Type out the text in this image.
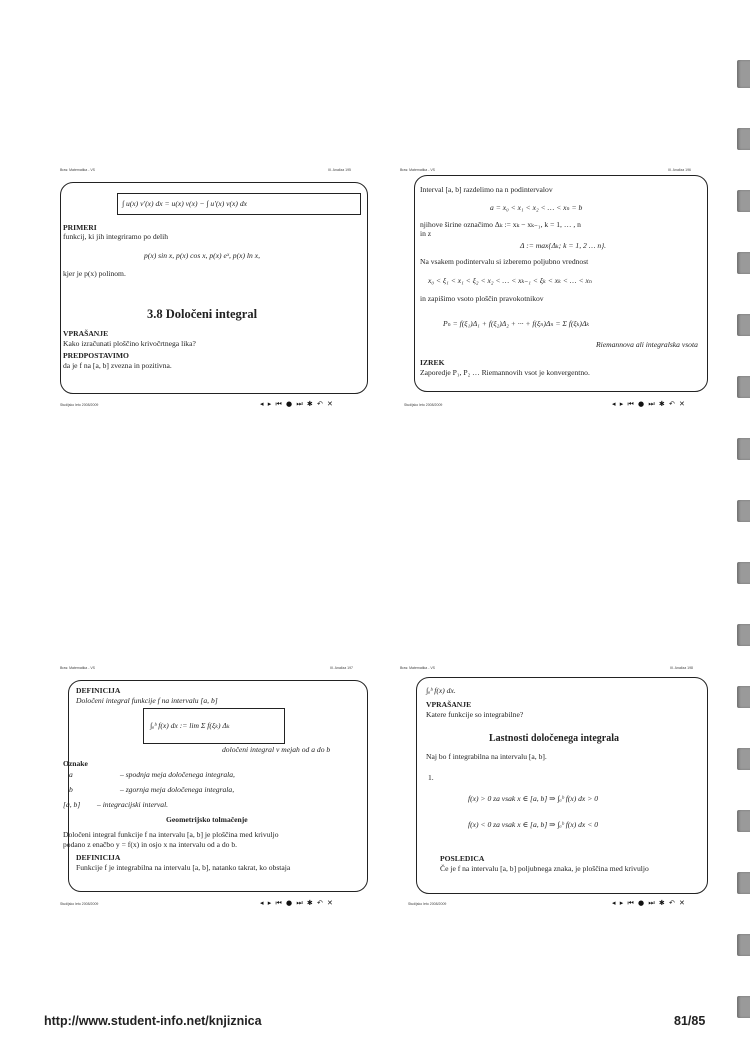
Bras: Matematika - VS	III. Analiza 195
∫ u(x) v′(x) dx = u(x) v(x) − ∫ u′(x) v(x) dx
PRIMERI
funkcij, ki jih integriramo po delih
p(x) sin x, p(x) cos x, p(x) eˣ, p(x) ln x,
kjer je p(x) polinom.
3.8 Določeni integral
VPRAŠANJE
Kako izračunati ploščino krivočrtnega lika?
PREDPOSTAVIMO
da je f na [a, b] zvezna in pozitivna.
Studijsko leto 2008/2009	◂ ▸ ⏮ ● ⏭ ✱ ↶ ✕
Bras: Matematika - VS	III. Analiza 196
Interval [a, b] razdelimo na n podintervalov
a = x₀ < x₁ < x₂ < … < xₙ = b
njihove širine označimo Δₖ := xₖ − xₖ₋₁, k = 1, … , n
in z
Δ := max{Δₖ; k = 1, 2 … n}.
Na vsakem podintervalu si izberemo poljubno vrednost
x₀ < ξ₁ < x₁ < ξ₂ < x₂ < … < xₖ₋₁ < ξₖ < xₖ < … < xₙ
in zapišimo vsoto ploščin pravokotnikov
Pₙ = f(ξ₁)Δ₁ + f(ξ₂)Δ₂ + ··· + f(ξₙ)Δₙ = Σ f(ξₖ)Δₖ
Riemannova ali integralska vsota
IZREK
Zaporedje P₁, P₂ … Riemannovih vsot je konvergentno.
Studijsko leto 2008/2009	◂ ▸ ⏮ ● ⏭ ✱ ↶ ✕
Bras: Matematika - VS	III. Analiza 197
DEFINICIJA
Določeni integral funkcije f na intervalu [a, b]
∫ₐᵇ f(x) dx := lim Σ f(ξₖ) Δₖ
določeni integral v mejah od a do b
Oznake
a	– spodnja meja določenega integrala,
b	– zgornja meja določenega integrala,
[a, b] – integracijski interval.
Geometrijsko tolmačenje
Določeni integral funkcije f na intervalu [a, b] je ploščina med krivuljo
podano z enačbo y = f(x) in osjo x na intervalu od a do b.
DEFINICIJA
Funkcije f je integrabilna na intervalu [a, b], natanko takrat, ko obstaja
Studijsko leto 2008/2009	◂ ▸ ⏮ ● ⏭ ✱ ↶ ✕
Bras: Matematika - VS	III. Analiza 198
∫ₐᵇ f(x) dx.
VPRAŠANJE
Katere funkcije so integrabilne?
Lastnosti določenega integrala
Naj bo f integrabilna na intervalu [a, b].
1.
f(x) > 0 za vsak x ∈ [a, b] ⇒ ∫ₐᵇ f(x) dx > 0
f(x) < 0 za vsak x ∈ [a, b] ⇒ ∫ₐᵇ f(x) dx < 0
POSLEDICA
Če je f na intervalu [a, b] poljubnega znaka, je ploščina med krivuljo
Studijsko leto 2008/2009	◂ ▸ ⏮ ● ⏭ ✱ ↶ ✕
http://www.student-info.net/knjiznica	81/85
